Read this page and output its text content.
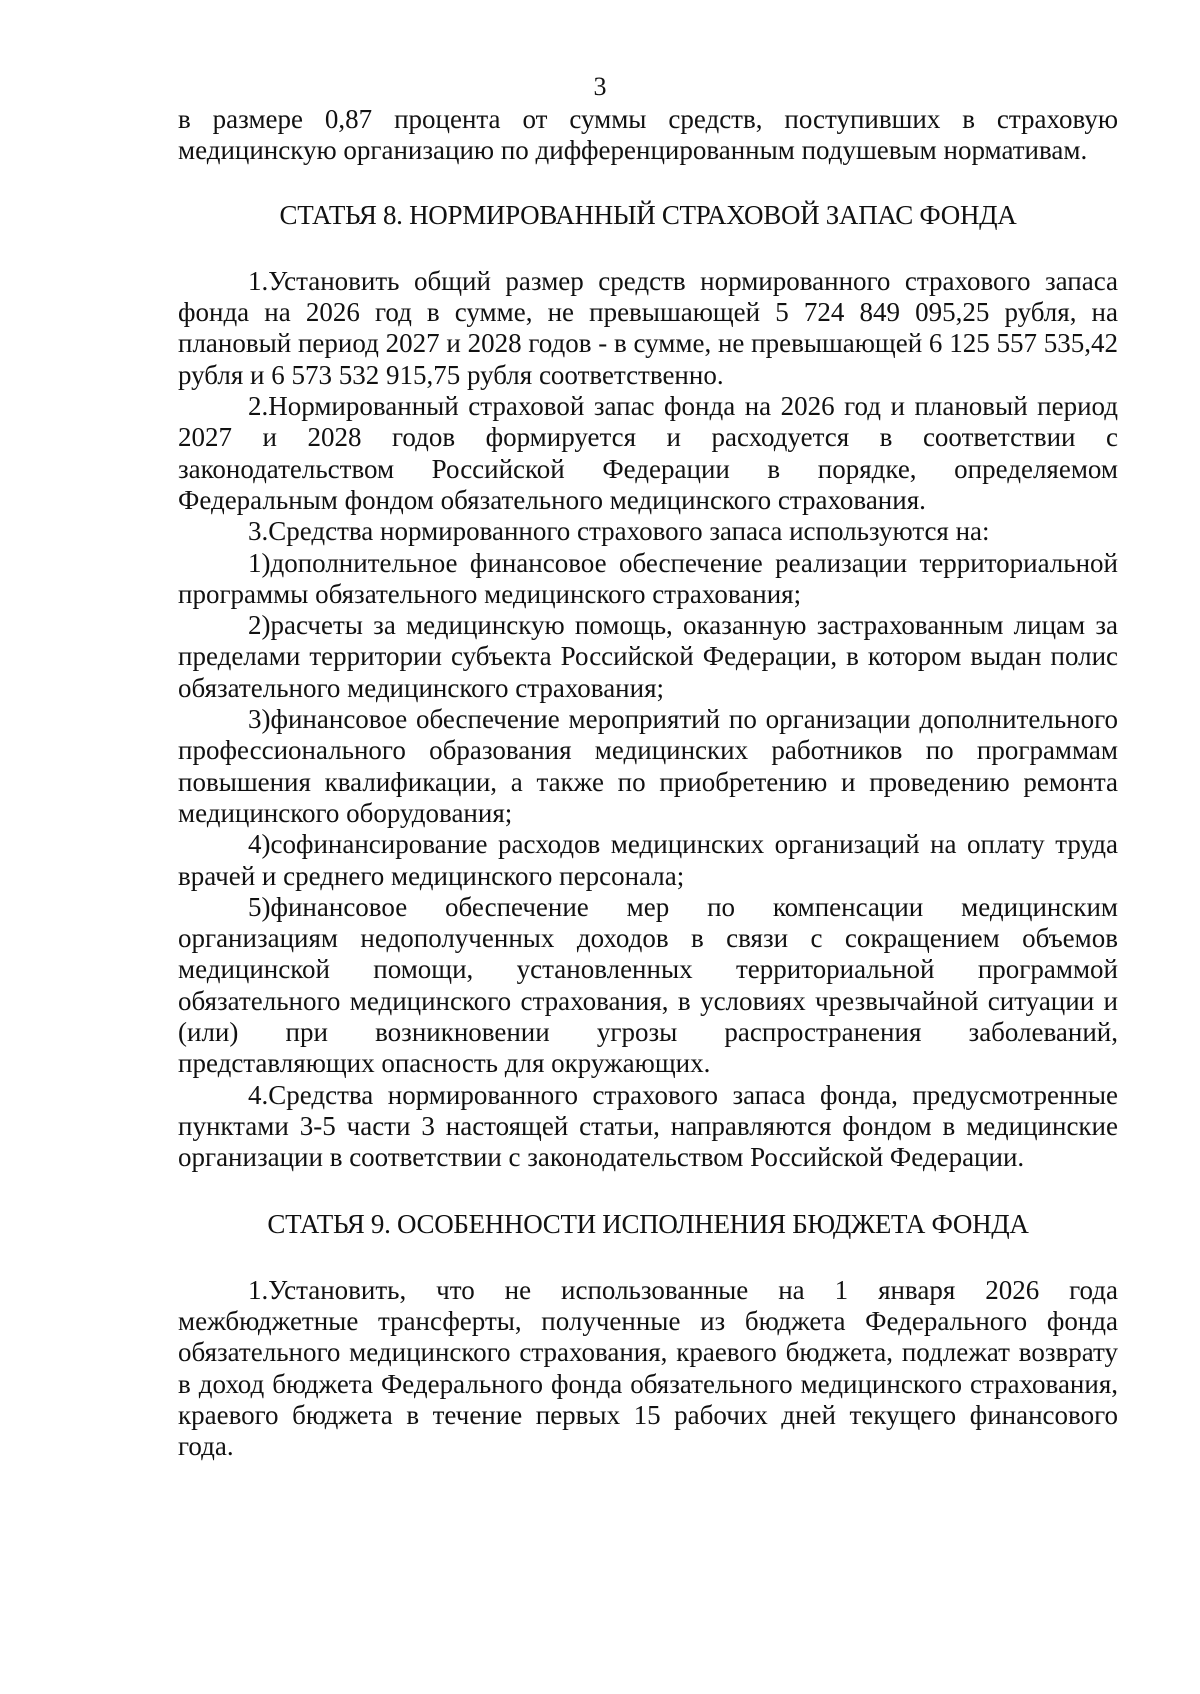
3

в размере 0,87 процента от суммы средств, поступивших в страховую медицинскую организацию по дифференцированным подушевым нормативам.

СТАТЬЯ 8. НОРМИРОВАННЫЙ СТРАХОВОЙ ЗАПАС ФОНДА

1.Установить общий размер средств нормированного страхового запаса фонда на 2026 год в сумме, не превышающей 5 724 849 095,25 рубля, на плановый период 2027 и 2028 годов - в сумме, не превышающей 6 125 557 535,42 рубля и 6 573 532 915,75 рубля соответственно.

2.Нормированный страховой запас фонда на 2026 год и плановый период 2027 и 2028 годов формируется и расходуется в соответствии с законодательством Российской Федерации в порядке, определяемом Федеральным фондом обязательного медицинского страхования.

3.Средства нормированного страхового запаса используются на:

1)дополнительное финансовое обеспечение реализации территориальной программы обязательного медицинского страхования;

2)расчеты за медицинскую помощь, оказанную застрахованным лицам за пределами территории субъекта Российской Федерации, в котором выдан полис обязательного медицинского страхования;

3)финансовое обеспечение мероприятий по организации дополнительного профессионального образования медицинских работников по программам повышения квалификации, а также по приобретению и проведению ремонта медицинского оборудования;

4)софинансирование расходов медицинских организаций на оплату труда врачей и среднего медицинского персонала;

5)финансовое обеспечение мер по компенсации медицинским организациям недополученных доходов в связи с сокращением объемов медицинской помощи, установленных территориальной программой обязательного медицинского страхования, в условиях чрезвычайной ситуации и (или) при возникновении угрозы распространения заболеваний, представляющих опасность для окружающих.

4.Средства нормированного страхового запаса фонда, предусмотренные пунктами 3-5 части 3 настоящей статьи, направляются фондом в медицинские организации в соответствии с законодательством Российской Федерации.

СТАТЬЯ 9. ОСОБЕННОСТИ ИСПОЛНЕНИЯ БЮДЖЕТА ФОНДА

1.Установить, что не использованные на 1 января 2026 года межбюджетные трансферты, полученные из бюджета Федерального фонда обязательного медицинского страхования, краевого бюджета, подлежат возврату в доход бюджета Федерального фонда обязательного медицинского страхования, краевого бюджета в течение первых 15 рабочих дней текущего финансового года.
